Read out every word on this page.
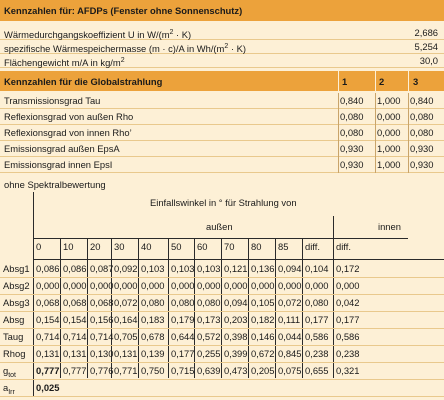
Kennzahlen für: AFDPs (Fenster ohne Sonnenschutz)
Wärmedurchgangskoeffizient U in $W/(m^2 \cdot K)$	2,686
spezifische Wärmespeichermasse (m · c)/A in $Wh/(m^2 \cdot K)$	5,254
Flächengewicht m/A in $kg/m^2$	30,0
Kennzahlen für die Globalstrahlung	1	2	3
Transmissionsgrad Tau	0,840 1,000 0,840
Reflexionsgrad von außen Rho	0,080 0,000 0,080
Reflexionsgrad von innen Rho’	0,080 0,000 0,080
Emissionsgrad außen EpsA	0,930 1,000 0,930
Emissionsgrad innen EpsI	0,930 1,000 0,930
ohne Spektralbewertung
Einfallswinkel in ° für Strahlung von
außen	innen
0 10 20 30 40 50 60 70 80 85 diff. diff.
Absg1 0,086 0,086 0,087 0,092 0,103 0,103 0,103 0,121 0,136 0,094 0,104 0,172
Absg2 0,000 0,000 0,000 0,000 0,000 0,000 0,000 0,000 0,000 0,000 0,000 0,000
Absg3 0,068 0,068 0,068 0,072 0,080 0,080 0,080 0,094 0,105 0,072 0,080 0,042
Absg 0,154 0,154 0,156 0,164 0,183 0,179 0,173 0,203 0,182 0,111 0,177 0,177
Taug 0,714 0,714 0,714 0,705 0,678 0,644 0,572 0,398 0,146 0,044 0,586 0,586
Rhog 0,131 0,131 0,130 0,131 0,139 0,177 0,255 0,399 0,672 0,845 0,238 0,238
$g_{tot}$ 0,777 0,777 0,776 0,771 0,750 0,715 0,639 0,473 0,205 0,075 0,655 0,321
$a_{Irr}$ 0,025
